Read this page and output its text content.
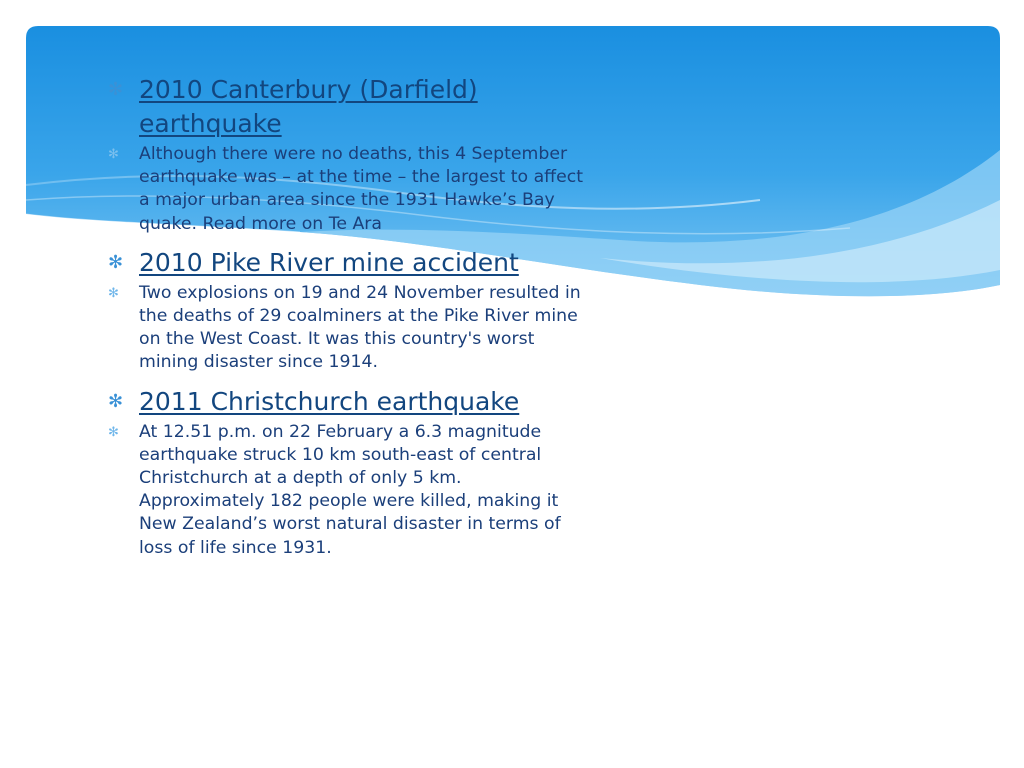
✻ 2010 Canterbury (Darfield) earthquake
✻ Although there were no deaths, this 4 September earthquake was – at the time – the largest to affect a major urban area since the 1931 Hawke’s Bay quake. Read more on Te Ara
✻ 2010 Pike River mine accident
✻ Two explosions on 19 and 24 November resulted in the deaths of 29 coalminers at the Pike River mine on the West Coast. It was this country's worst mining disaster since 1914.
✻ 2011 Christchurch earthquake
✻ At 12.51 p.m. on 22 February a 6.3 magnitude earthquake struck 10 km south-east of central Christchurch at a depth of only 5 km. Approximately 182 people were killed, making it New Zealand’s worst natural disaster in terms of loss of life since 1931.
